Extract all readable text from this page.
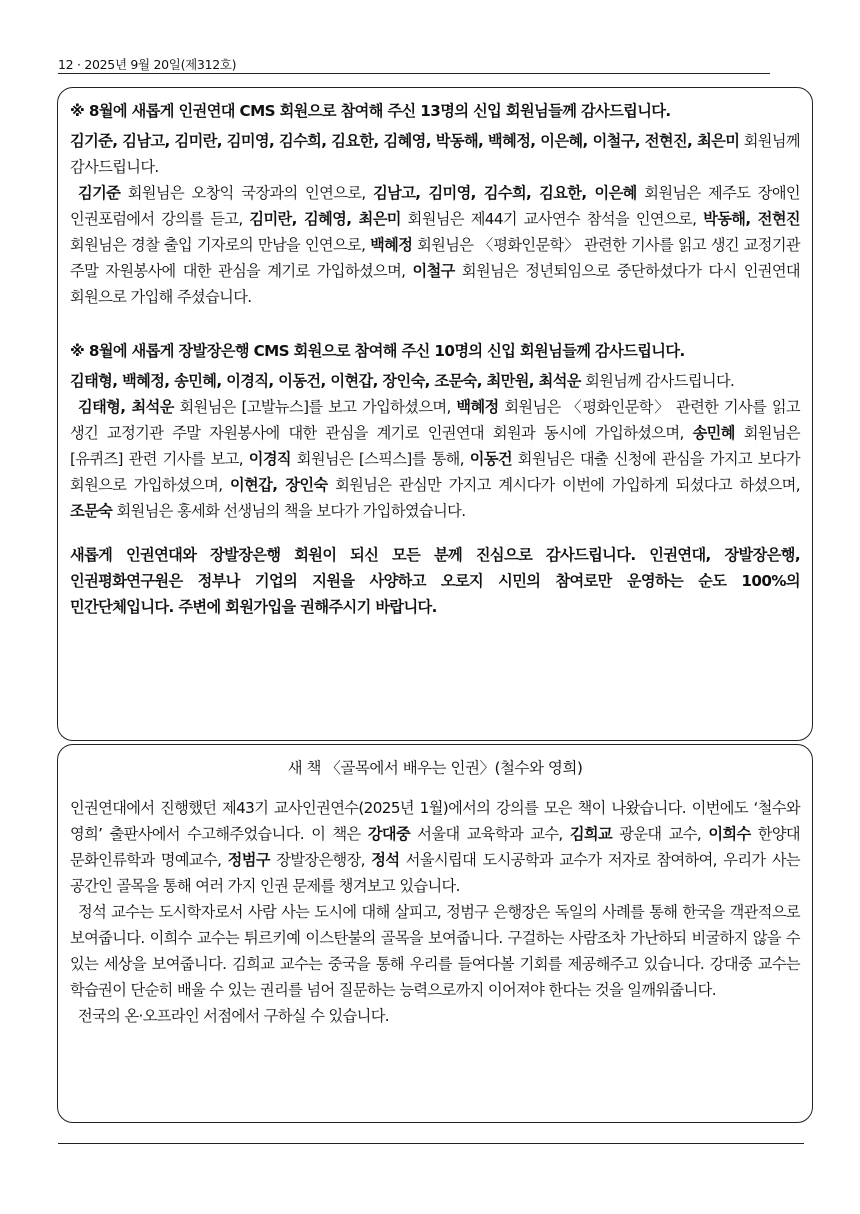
12 · 2025년 9월 20일(제312호)

※ 8월에 새롭게 인권연대 CMS 회원으로 참여해 주신 13명의 신입 회원님들께 감사드립니다.

김기준, 김남고, 김미란, 김미영, 김수희, 김요한, 김혜영, 박동해, 백혜정, 이은혜, 이철구, 전현진, 최은미 회원님께 감사드립니다.

김기준 회원님은 오창익 국장과의 인연으로, 김남고, 김미영, 김수희, 김요한, 이은혜 회원님은 제주도 장애인 인권포럼에서 강의를 듣고, 김미란, 김혜영, 최은미 회원님은 제44기 교사연수 참석을 인연으로, 박동해, 전현진 회원님은 경찰 출입 기자로의 만남을 인연으로, 백혜정 회원님은 〈평화인문학〉 관련한 기사를 읽고 생긴 교정기관 주말 자원봉사에 대한 관심을 계기로 가입하셨으며, 이철구 회원님은 정년퇴임으로 중단하셨다가 다시 인권연대 회원으로 가입해 주셨습니다.

※ 8월에 새롭게 장발장은행 CMS 회원으로 참여해 주신 10명의 신입 회원님들께 감사드립니다.

김태형, 백혜정, 송민혜, 이경직, 이동건, 이현갑, 장인숙, 조문숙, 최만원, 최석운 회원님께 감사드립니다.

김태형, 최석운 회원님은 [고발뉴스]를 보고 가입하셨으며, 백혜정 회원님은 〈평화인문학〉 관련한 기사를 읽고 생긴 교정기관 주말 자원봉사에 대한 관심을 계기로 인권연대 회원과 동시에 가입하셨으며, 송민혜 회원님은 [유퀴즈] 관련 기사를 보고, 이경직 회원님은 [스픽스]를 통해, 이동건 회원님은 대출 신청에 관심을 가지고 보다가 회원으로 가입하셨으며, 이현갑, 장인숙 회원님은 관심만 가지고 계시다가 이번에 가입하게 되셨다고 하셨으며, 조문숙 회원님은 홍세화 선생님의 책을 보다가 가입하였습니다.

새롭게 인권연대와 장발장은행 회원이 되신 모든 분께 진심으로 감사드립니다. 인권연대, 장발장은행, 인권평화연구원은 정부나 기업의 지원을 사양하고 오로지 시민의 참여로만 운영하는 순도 100%의 민간단체입니다. 주변에 회원가입을 권해주시기 바랍니다.

새 책 〈골목에서 배우는 인권〉(철수와 영희)

인권연대에서 진행했던 제43기 교사인권연수(2025년 1월)에서의 강의를 모은 책이 나왔습니다. 이번에도 ‘철수와 영희’ 출판사에서 수고해주었습니다. 이 책은 강대중 서울대 교육학과 교수, 김희교 광운대 교수, 이희수 한양대 문화인류학과 명예교수, 정범구 장발장은행장, 정석 서울시립대 도시공학과 교수가 저자로 참여하여, 우리가 사는 공간인 골목을 통해 여러 가지 인권 문제를 챙겨보고 있습니다.

정석 교수는 도시학자로서 사람 사는 도시에 대해 살피고, 정범구 은행장은 독일의 사례를 통해 한국을 객관적으로 보여줍니다. 이희수 교수는 튀르키예 이스탄불의 골목을 보여줍니다. 구걸하는 사람조차 가난하되 비굴하지 않을 수 있는 세상을 보여줍니다. 김희교 교수는 중국을 통해 우리를 들여다볼 기회를 제공해주고 있습니다. 강대중 교수는 학습권이 단순히 배울 수 있는 권리를 넘어 질문하는 능력으로까지 이어져야 한다는 것을 일깨워줍니다.

전국의 온·오프라인 서점에서 구하실 수 있습니다.
